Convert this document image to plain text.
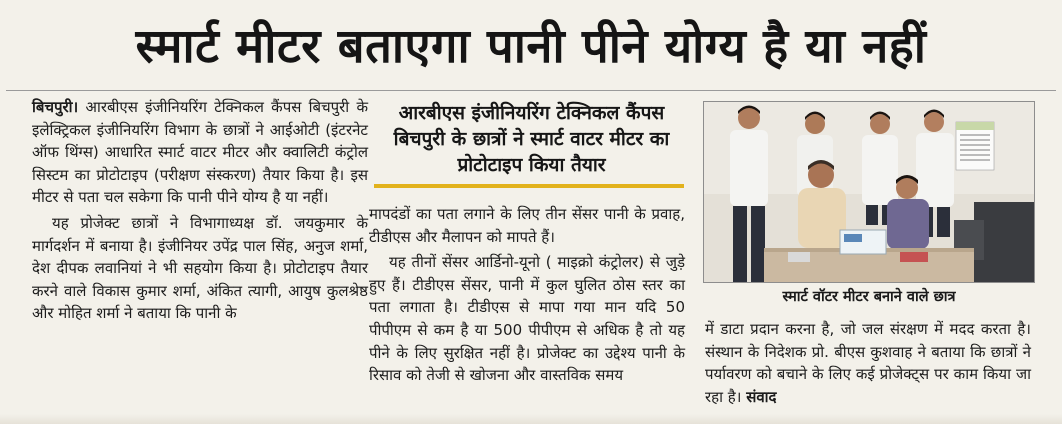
स्मार्ट मीटर बताएगा पानी पीने योग्य है या नहीं

बिचपुरी। आरबीएस इंजीनियरिंग टेक्निकल कैंपस बिचपुरी के इलेक्ट्रिकल इंजीनियरिंग विभाग के छात्रों ने आईओटी (इंटरनेट ऑफ थिंग्स) आधारित स्मार्ट वाटर मीटर और क्वालिटी कंट्रोल सिस्टम का प्रोटोटाइप (परीक्षण संस्करण) तैयार किया है। इस मीटर से पता चल सकेगा कि पानी पीने योग्य है या नहीं।

यह प्रोजेक्ट छात्रों ने विभागाध्यक्ष डॉ. जयकुमार के मार्गदर्शन में बनाया है। इंजीनियर उपेंद्र पाल सिंह, अनुज शर्मा, देश दीपक लवानियां ने भी सहयोग किया है। प्रोटोटाइप तैयार करने वाले विकास कुमार शर्मा, अंकित त्यागी, आयुष कुलश्रेष्ठ और मोहित शर्मा ने बताया कि पानी के

आरबीएस इंजीनियरिंग टेक्निकल कैंपस बिचपुरी के छात्रों ने स्मार्ट वाटर मीटर का प्रोटोटाइप किया तैयार

मापदंडों का पता लगाने के लिए तीन सेंसर पानी के प्रवाह, टीडीएस और मैलापन को मापते हैं।

यह तीनों सेंसर आर्डिनो-यूनो ( माइक्रो कंट्रोलर) से जुड़े हुए हैं। टीडीएस सेंसर, पानी में कुल घुलित ठोस स्तर का पता लगाता है। टीडीएस से मापा गया मान यदि 50 पीपीएम से कम है या 500 पीपीएम से अधिक है तो यह पीने के लिए सुरक्षित नहीं है। प्रोजेक्ट का उद्देश्य पानी के रिसाव को तेजी से खोजना और वास्तविक समय

स्मार्ट वॉटर मीटर बनाने वाले छात्र

में डाटा प्रदान करना है, जो जल संरक्षण में मदद करता है। संस्थान के निदेशक प्रो. बीएस कुशवाह ने बताया कि छात्रों ने पर्यावरण को बचाने के लिए कई प्रोजेक्ट्स पर काम किया जा रहा है। संवाद
